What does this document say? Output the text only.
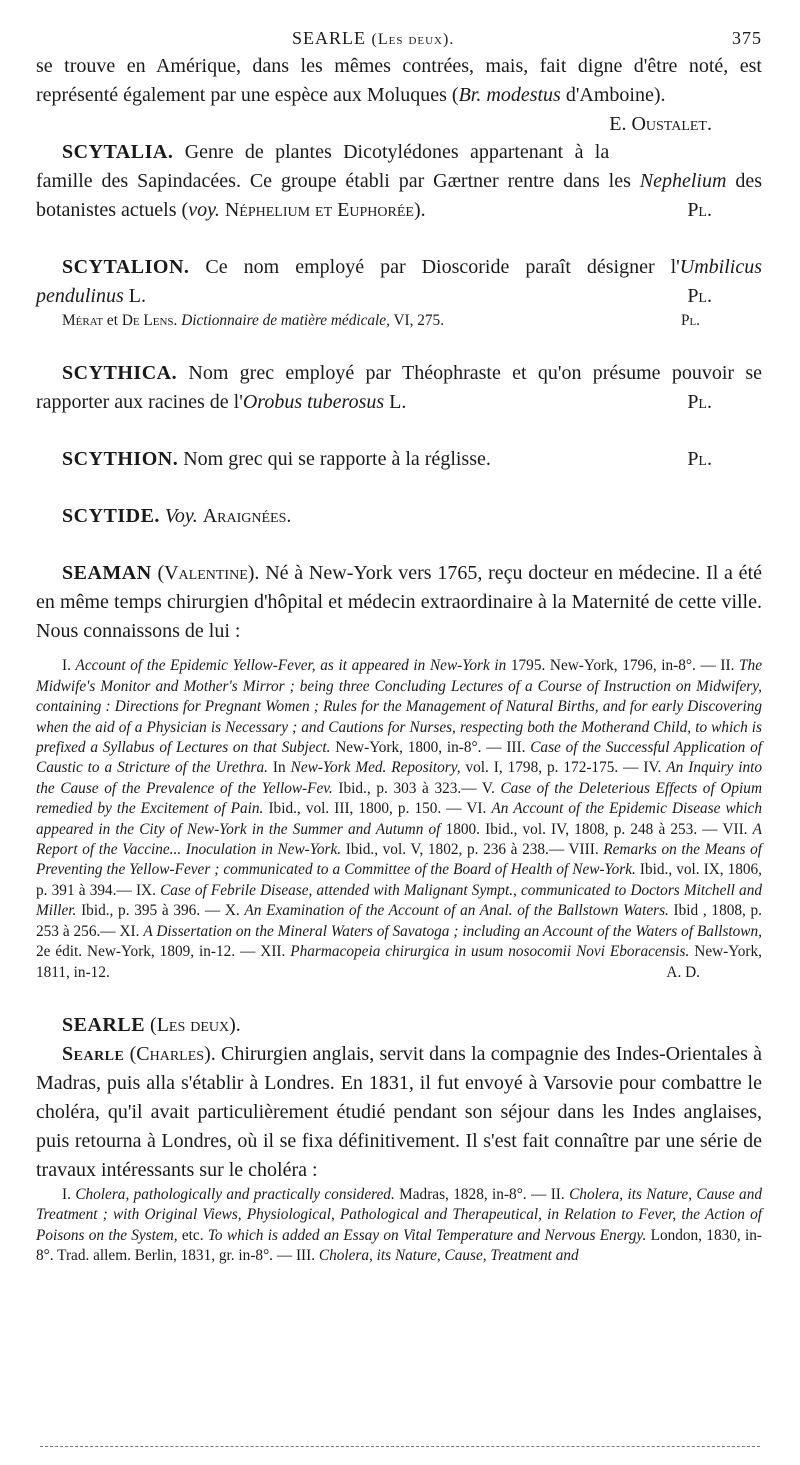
SEARLE (Les deux).	375

se trouve en Amérique, dans les mêmes contrées, mais, fait digne d'être noté, est représenté également par une espèce aux Moluques (Br. modestus d'Amboine).
E. Oustalet.

SCYTALIA. Genre de plantes Dicotylédones appartenant à la famille des Sapindacées. Ce groupe établi par Gærtner rentre dans les Nephelium des botanistes actuels (voy. Néphelium et Euphorée).	Pl.

SCYTALION. Ce nom employé par Dioscoride paraît désigner l'Umbilicus pendulinus L.	Pl.

Mérat et De Lens. Dictionnaire de matière médicale, VI, 275.	Pl.

SCYTHICA. Nom grec employé par Théophraste et qu'on présume pouvoir se rapporter aux racines de l'Orobus tuberosus L.	Pl.

SCYTHION. Nom grec qui se rapporte à la réglisse.	Pl.

SCYTIDE. Voy. Araignées.

SEAMAN (Valentine). Né à New-York vers 1765, reçu docteur en médecine. Il a été en même temps chirurgien d'hôpital et médecin extraordinaire à la Maternité de cette ville. Nous connaissons de lui :

I. Account of the Epidemic Yellow-Fever, as it appeared in New-York in 1795. New-York, 1796, in-8°. — II. The Midwife's Monitor and Mother's Mirror ; being three Concluding Lectures of a Course of Instruction on Midwifery, containing : Directions for Pregnant Women ; Rules for the Management of Natural Births, and for early Discovering when the aid of a Physician is Necessary ; and Cautions for Nurses, respecting both the Motherand Child, to which is prefixed a Syllabus of Lectures on that Subject. New-York, 1800, in-8°. — III. Case of the Successful Application of Caustic to a Stricture of the Urethra. In New-York Med. Repository, vol. I, 1798, p. 172-175. — IV. An Inquiry into the Cause of the Prevalence of the Yellow-Fev. Ibid., p. 303 à 323.— V. Case of the Deleterious Effects of Opium remedied by the Excitement of Pain. Ibid., vol. III, 1800, p. 150. — VI. An Account of the Epidemic Disease which appeared in the City of New-York in the Summer and Autumn of 1800. Ibid., vol. IV, 1808, p. 248 à 253. — VII. A Report of the Vaccine... Inoculation in New-York. Ibid., vol. V, 1802, p. 236 à 238.— VIII. Remarks on the Means of Preventing the Yellow-Fever ; communicated to a Committee of the Board of Health of New-York. Ibid., vol. IX, 1806, p. 391 à 394.— IX. Case of Febrile Disease, attended with Malignant Sympt., communicated to Doctors Mitchell and Miller. Ibid., p. 395 à 396. — X. An Examination of the Account of an Anal. of the Ballstown Waters. Ibid , 1808, p. 253 à 256.— XI. A Dissertation on the Mineral Waters of Savatoga ; including an Account of the Waters of Ballstown, 2e édit. New-York, 1809, in-12. — XII. Pharmacopeia chirurgica in usum nosocomii Novi Eboracensis. New-York, 1811, in-12.	A. D.

SEARLE (Les deux).

Searle (Charles). Chirurgien anglais, servit dans la compagnie des Indes-Orientales à Madras, puis alla s'établir à Londres. En 1831, il fut envoyé à Varsovie pour combattre le choléra, qu'il avait particulièrement étudié pendant son séjour dans les Indes anglaises, puis retourna à Londres, où il se fixa définitivement. Il s'est fait connaître par une série de travaux intéressants sur le choléra :

I. Cholera, pathologically and practically considered. Madras, 1828, in-8°. — II. Cholera, its Nature, Cause and Treatment ; with Original Views, Physiological, Pathological and Therapeutical, in Relation to Fever, the Action of Poisons on the System, etc. To which is added an Essay on Vital Temperature and Nervous Energy. London, 1830, in-8°. Trad. allem. Berlin, 1831, gr. in-8°. — III. Cholera, its Nature, Cause, Treatment and
